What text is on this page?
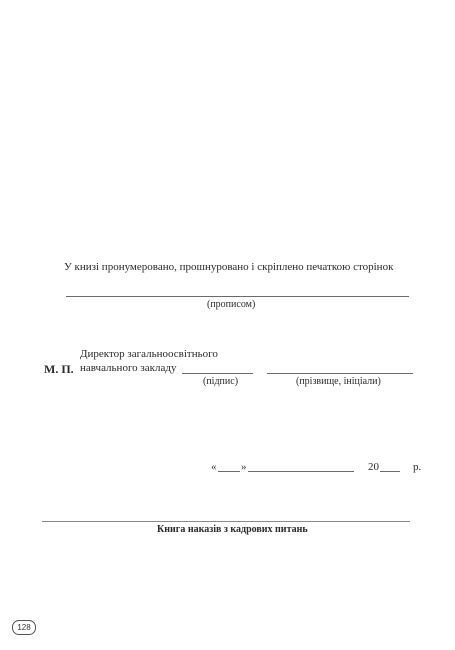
У книзі пронумеровано, прошнуровано і скріплено печаткою сторінок
(прописом)
М. П.
Директор загальноосвітнього
навчального закладу
(підпис)	(прізвище, ініціали)
« »	20	р.
Книга наказів з кадрових питань
128
